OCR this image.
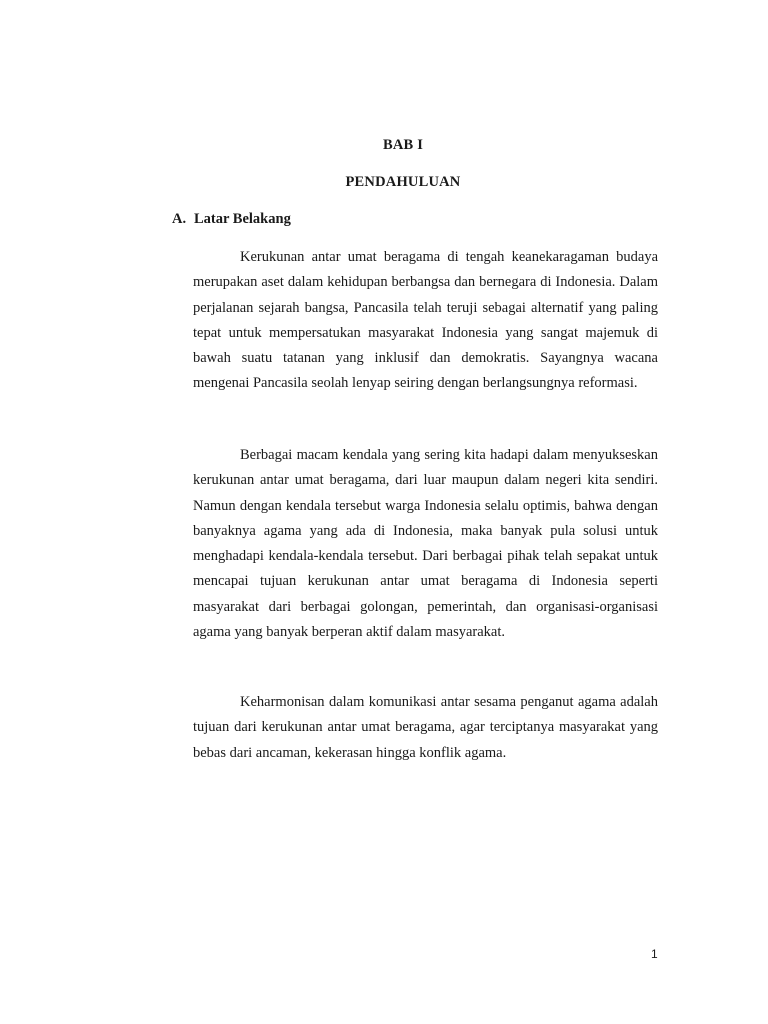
BAB I
PENDAHULUAN
A. Latar Belakang

Kerukunan antar umat beragama di tengah keanekaragaman budaya merupakan aset dalam kehidupan berbangsa dan bernegara di Indonesia. Dalam perjalanan sejarah bangsa, Pancasila telah teruji sebagai alternatif yang paling tepat untuk mempersatukan masyarakat Indonesia yang sangat majemuk di bawah suatu tatanan yang inklusif dan demokratis. Sayangnya wacana mengenai Pancasila seolah lenyap seiring dengan berlangsungnya reformasi.

Berbagai macam kendala yang sering kita hadapi dalam menyukseskan kerukunan antar umat beragama, dari luar maupun dalam negeri kita sendiri. Namun dengan kendala tersebut warga Indonesia selalu optimis, bahwa dengan banyaknya agama yang ada di Indonesia, maka banyak pula solusi untuk menghadapi kendala-kendala tersebut. Dari berbagai pihak telah sepakat untuk mencapai tujuan kerukunan antar umat beragama di Indonesia seperti masyarakat dari berbagai golongan, pemerintah, dan organisasi-organisasi agama yang banyak berperan aktif dalam masyarakat.

Keharmonisan dalam komunikasi antar sesama penganut agama adalah tujuan dari kerukunan antar umat beragama, agar terciptanya masyarakat yang bebas dari ancaman, kekerasan hingga konflik agama.

1
